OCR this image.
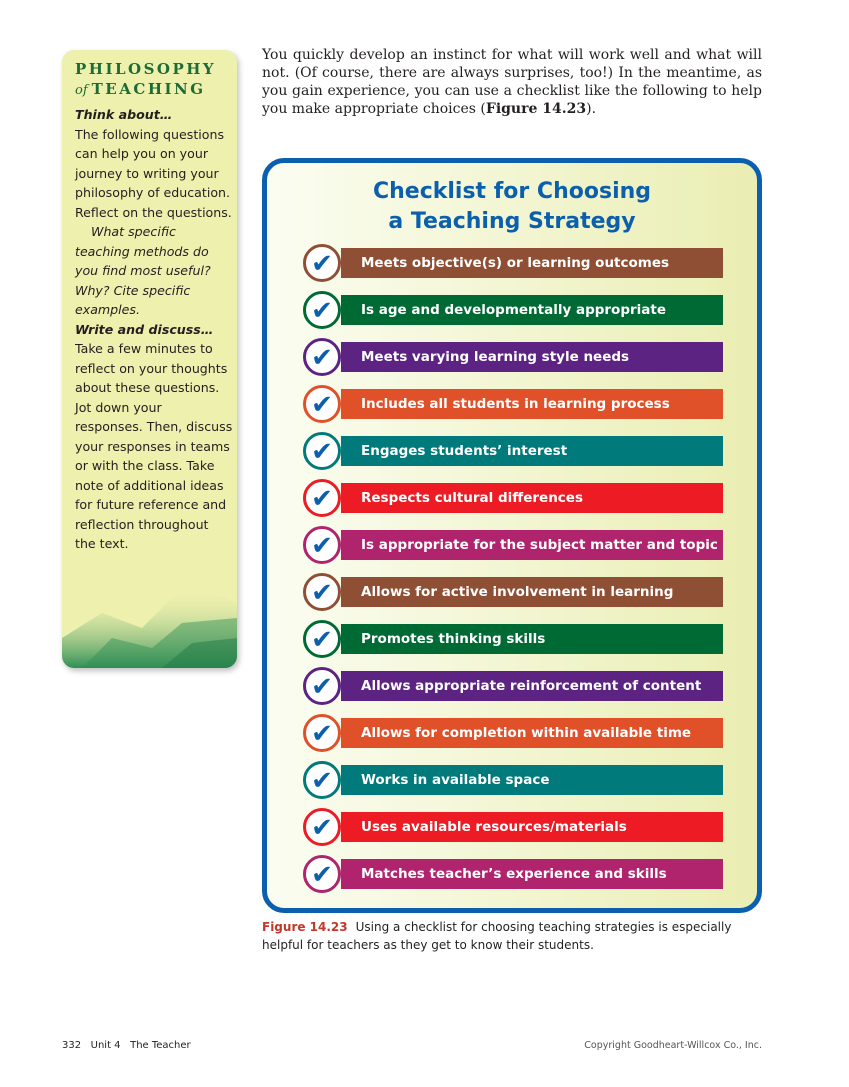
PHILOSOPHY
of TEACHING
Think about…
The following questions can help you on your journey to writing your philosophy of education. Reflect on the questions.
What specific teaching methods do you find most useful? Why? Cite specific examples.
Write and discuss…
Take a few minutes to reflect on your thoughts about these questions. Jot down your responses. Then, discuss your responses in teams or with the class. Take note of additional ideas for future reference and reflection throughout the text.
You quickly develop an instinct for what will work well and what will not. (Of course, there are always surprises, too!) In the meantime, as you gain experience, you can use a checklist like the following to help you make appropriate choices (Figure 14.23).
Checklist for Choosing
a Teaching Strategy
Meets objective(s) or learning outcomes
✔
Is age and developmentally appropriate
✔
Meets varying learning style needs
✔
Includes all students in learning process
✔
Engages students’ interest
✔
Respects cultural differences
✔
Is appropriate for the subject matter and topic
✔
Allows for active involvement in learning
✔
Promotes thinking skills
✔
Allows appropriate reinforcement of content
✔
Allows for completion within available time
✔
Works in available space
✔
Uses available resources/materials
✔
Matches teacher’s experience and skills
✔
Figure 14.23 Using a checklist for choosing teaching strategies is especially helpful for teachers as they get to know their students.
332 Unit 4 The Teacher	Copyright Goodheart-Willcox Co., Inc.
